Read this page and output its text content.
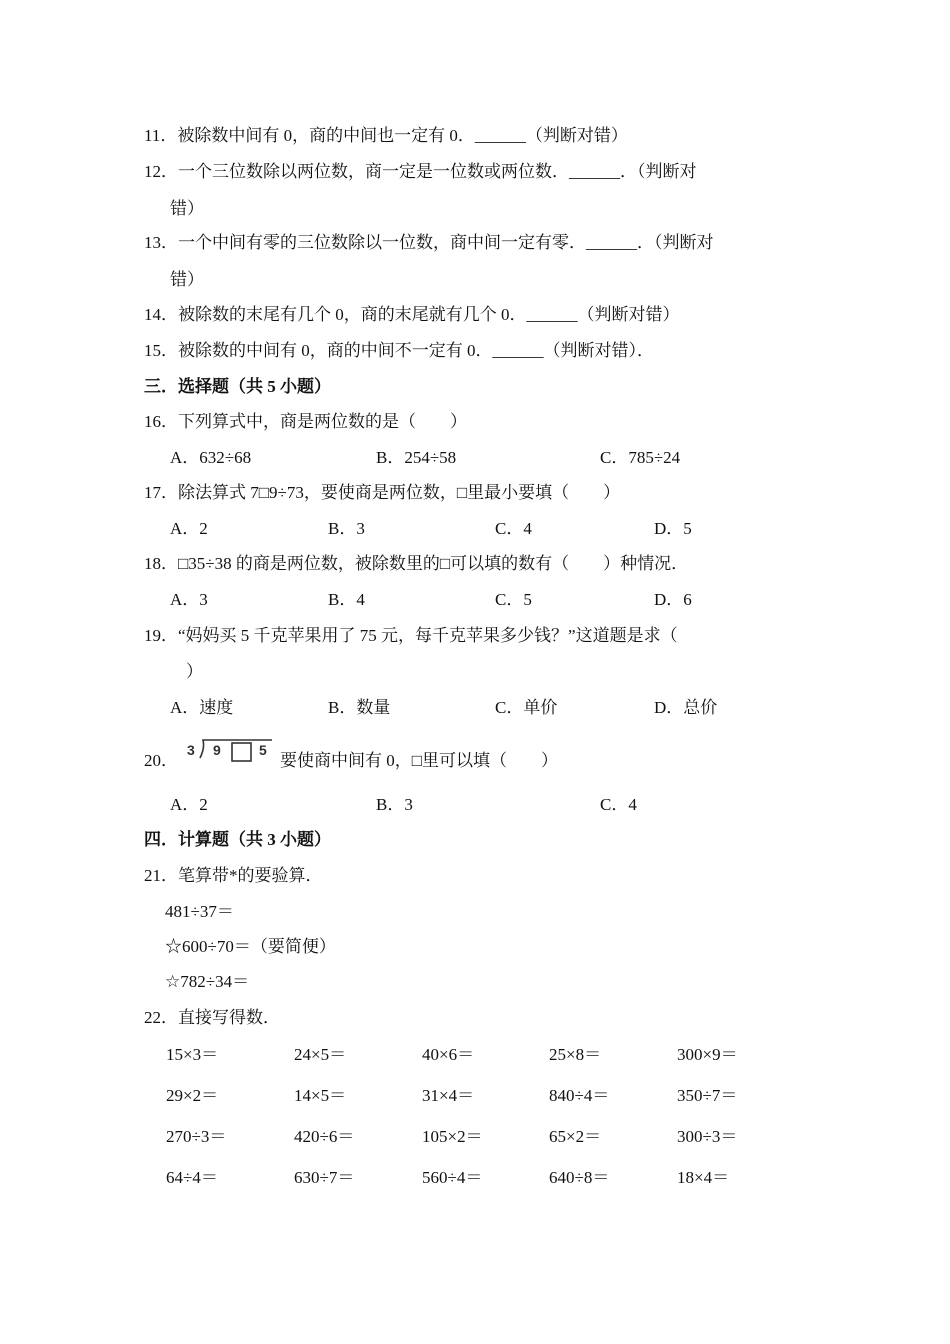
11．被除数中间有 0，商的中间也一定有 0．______（判断对错）
12．一个三位数除以两位数，商一定是一位数或两位数．______．（判断对
错）
13．一个中间有零的三位数除以一位数，商中间一定有零．______．（判断对
错）
14．被除数的末尾有几个 0，商的末尾就有几个 0．______（判断对错）
15．被除数的中间有 0，商的中间不一定有 0．______（判断对错）．
三．选择题（共 5 小题）
16．下列算式中，商是两位数的是（　　）
A．632÷68	B．254÷58	C．785÷24
17．除法算式 7□9÷73，要使商是两位数，□里最小要填（　　）
A．2	B．3	C．4	D．5
18．□35÷38 的商是两位数，被除数里的□可以填的数有（　　）种情况．
A．3	B．4	C．5	D．6
19．“妈妈买 5 千克苹果用了 75 元，每千克苹果多少钱？”这道题是求（
）
A．速度	B．数量	C．单价	D．总价
20．
3 9	5
要使商中间有 0，□里可以填（　　）
A．2	B．3	C．4
四．计算题（共 3 小题）
21．笔算带*的要验算．
481÷37＝
☆600÷70＝（要简便）
☆782÷34＝
22．直接写得数．
15×3＝	24×5＝	40×6＝	25×8＝	300×9＝
29×2＝	14×5＝	31×4＝	840÷4＝	350÷7＝
270÷3＝	420÷6＝	105×2＝	65×2＝	300÷3＝
64÷4＝	630÷7＝	560÷4＝	640÷8＝	18×4＝
